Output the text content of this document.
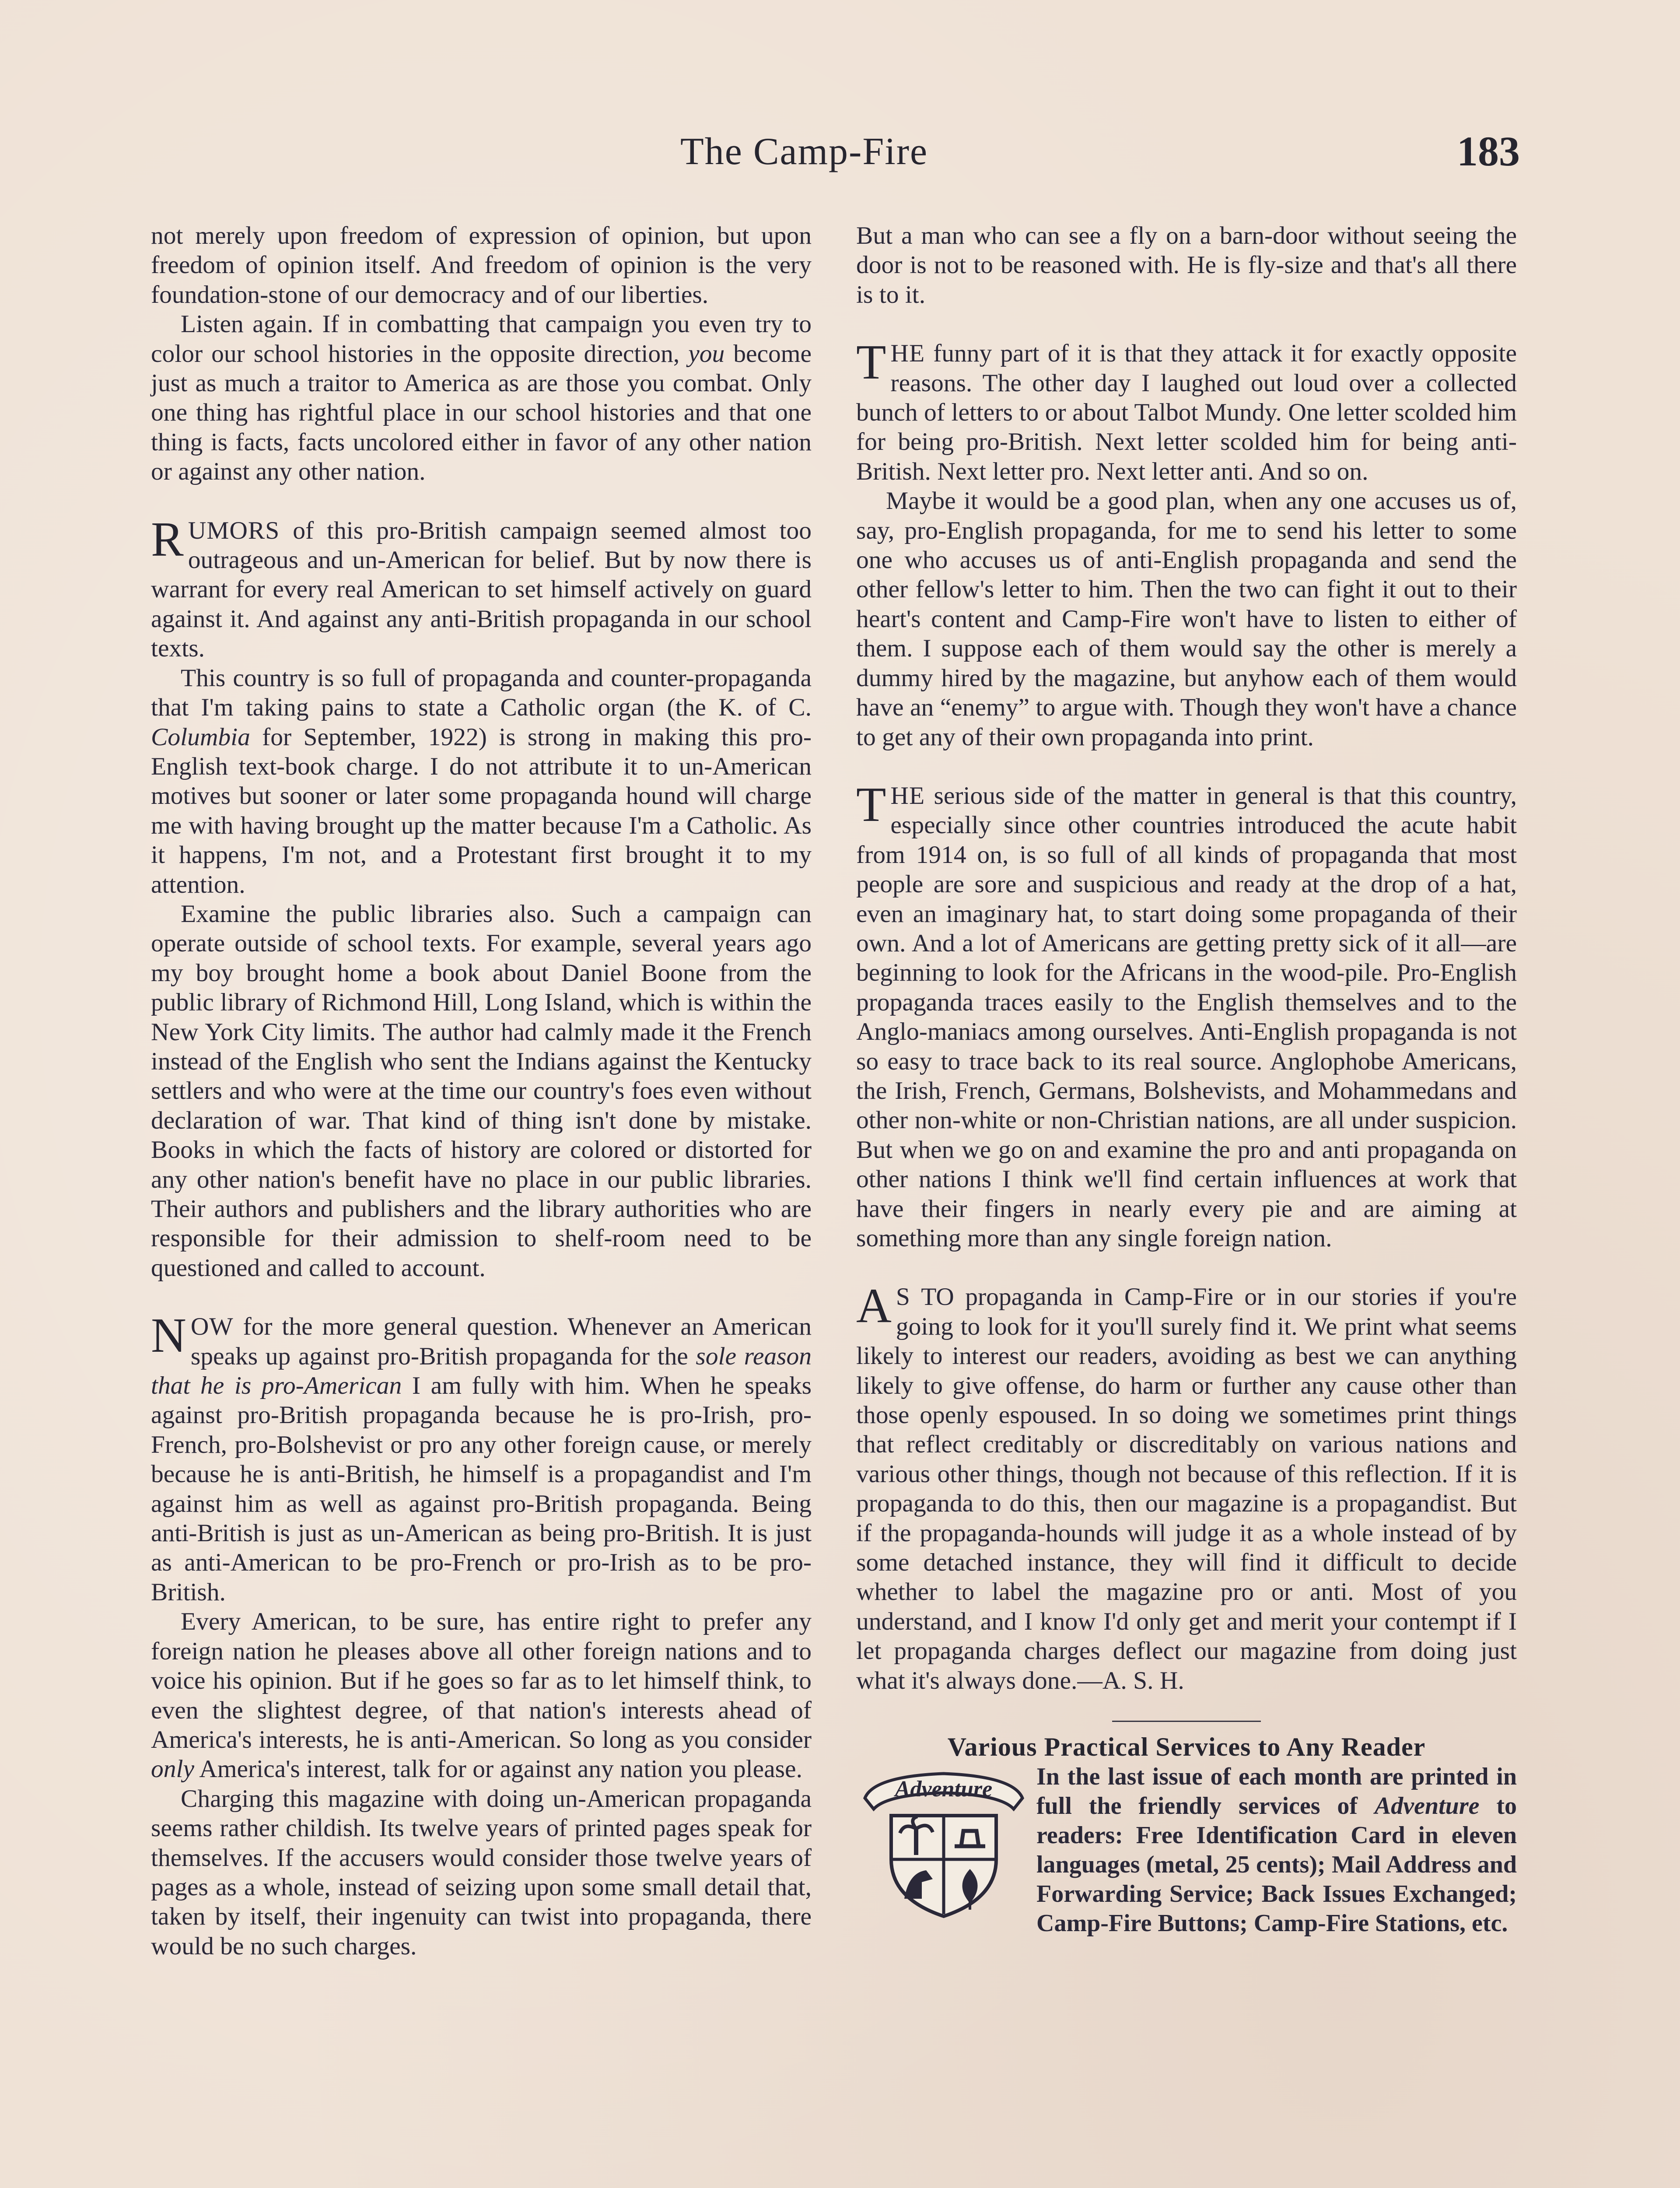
The Camp-Fire	183

not merely upon freedom of expression of opinion, but upon freedom of opinion itself. And freedom of opinion is the very foundation-stone of our democracy and of our liberties.

Listen again. If in combatting that campaign you even try to color our school histories in the opposite direction, you become just as much a traitor to America as are those you combat. Only one thing has rightful place in our school histories and that one thing is facts, facts uncolored either in favor of any other nation or against any other nation.

RUMORS of this pro-British campaign seemed almost too outrageous and un-American for belief. But by now there is warrant for every real American to set himself actively on guard against it. And against any anti-British propaganda in our school texts.

This country is so full of propaganda and counter-propaganda that I'm taking pains to state a Catholic organ (the K. of C. Columbia for September, 1922) is strong in making this pro-English text-book charge. I do not attribute it to un-American motives but sooner or later some propaganda hound will charge me with having brought up the matter because I'm a Catholic. As it happens, I'm not, and a Protestant first brought it to my attention.

Examine the public libraries also. Such a campaign can operate outside of school texts. For example, several years ago my boy brought home a book about Daniel Boone from the public library of Richmond Hill, Long Island, which is within the New York City limits. The author had calmly made it the French instead of the English who sent the Indians against the Kentucky settlers and who were at the time our country's foes even without declaration of war. That kind of thing isn't done by mistake. Books in which the facts of history are colored or distorted for any other nation's benefit have no place in our public libraries. Their authors and publishers and the library authorities who are responsible for their admission to shelf-room need to be questioned and called to account.

NOW for the more general question. Whenever an American speaks up against pro-British propaganda for the sole reason that he is pro-American I am fully with him. When he speaks against pro-British propaganda because he is pro-Irish, pro-French, pro-Bolshevist or pro any other foreign cause, or merely because he is anti-British, he himself is a propagandist and I'm against him as well as against pro-British propaganda. Being anti-British is just as un-American as being pro-British. It is just as anti-American to be pro-French or pro-Irish as to be pro-British.

Every American, to be sure, has entire right to prefer any foreign nation he pleases above all other foreign nations and to voice his opinion. But if he goes so far as to let himself think, to even the slightest degree, of that nation's interests ahead of America's interests, he is anti-American. So long as you consider only America's interest, talk for or against any nation you please.

Charging this magazine with doing un-American propaganda seems rather childish. Its twelve years of printed pages speak for themselves. If the accusers would consider those twelve years of pages as a whole, instead of seizing upon some small detail that, taken by itself, their ingenuity can twist into propaganda, there would be no such charges.

But a man who can see a fly on a barn-door without seeing the door is not to be reasoned with. He is fly-size and that's all there is to it.

THE funny part of it is that they attack it for exactly opposite reasons. The other day I laughed out loud over a collected bunch of letters to or about Talbot Mundy. One letter scolded him for being pro-British. Next letter scolded him for being anti-British. Next letter pro. Next letter anti. And so on.

Maybe it would be a good plan, when any one accuses us of, say, pro-English propaganda, for me to send his letter to some one who accuses us of anti-English propaganda and send the other fellow's letter to him. Then the two can fight it out to their heart's content and Camp-Fire won't have to listen to either of them. I suppose each of them would say the other is merely a dummy hired by the magazine, but anyhow each of them would have an “enemy” to argue with. Though they won't have a chance to get any of their own propaganda into print.

THE serious side of the matter in general is that this country, especially since other countries introduced the acute habit from 1914 on, is so full of all kinds of propaganda that most people are sore and suspicious and ready at the drop of a hat, even an imaginary hat, to start doing some propaganda of their own. And a lot of Americans are getting pretty sick of it all—are beginning to look for the Africans in the wood-pile. Pro-English propaganda traces easily to the English themselves and to the Anglo-maniacs among ourselves. Anti-English propaganda is not so easy to trace back to its real source. Anglophobe Americans, the Irish, French, Germans, Bolshevists, and Mohammedans and other non-white or non-Christian nations, are all under suspicion. But when we go on and examine the pro and anti propaganda on other nations I think we'll find certain influences at work that have their fingers in nearly every pie and are aiming at something more than any single foreign nation.

A S TO propaganda in Camp-Fire or in our stories if you're going to look for it you'll surely find it. We print what seems likely to interest our readers, avoiding as best we can anything likely to give offense, do harm or further any cause other than those openly espoused. In so doing we sometimes print things that reflect creditably or discreditably on various nations and various other things, though not because of this reflection. If it is propaganda to do this, then our magazine is a propagandist. But if the propaganda-hounds will judge it as a whole instead of by some detached instance, they will find it difficult to decide whether to label the magazine pro or anti. Most of you understand, and I know I'd only get and merit your contempt if I let propaganda charges deflect our magazine from doing just what it's always done.—A. S. H.

Various Practical Services to Any Reader

Adventure	In the last issue of each month are printed in full the friendly services of Adventure to readers: Free Identification Card in eleven languages (metal, 25 cents); Mail Address and Forwarding Service; Back Issues Exchanged; Camp-Fire Buttons; Camp-Fire Stations, etc.
